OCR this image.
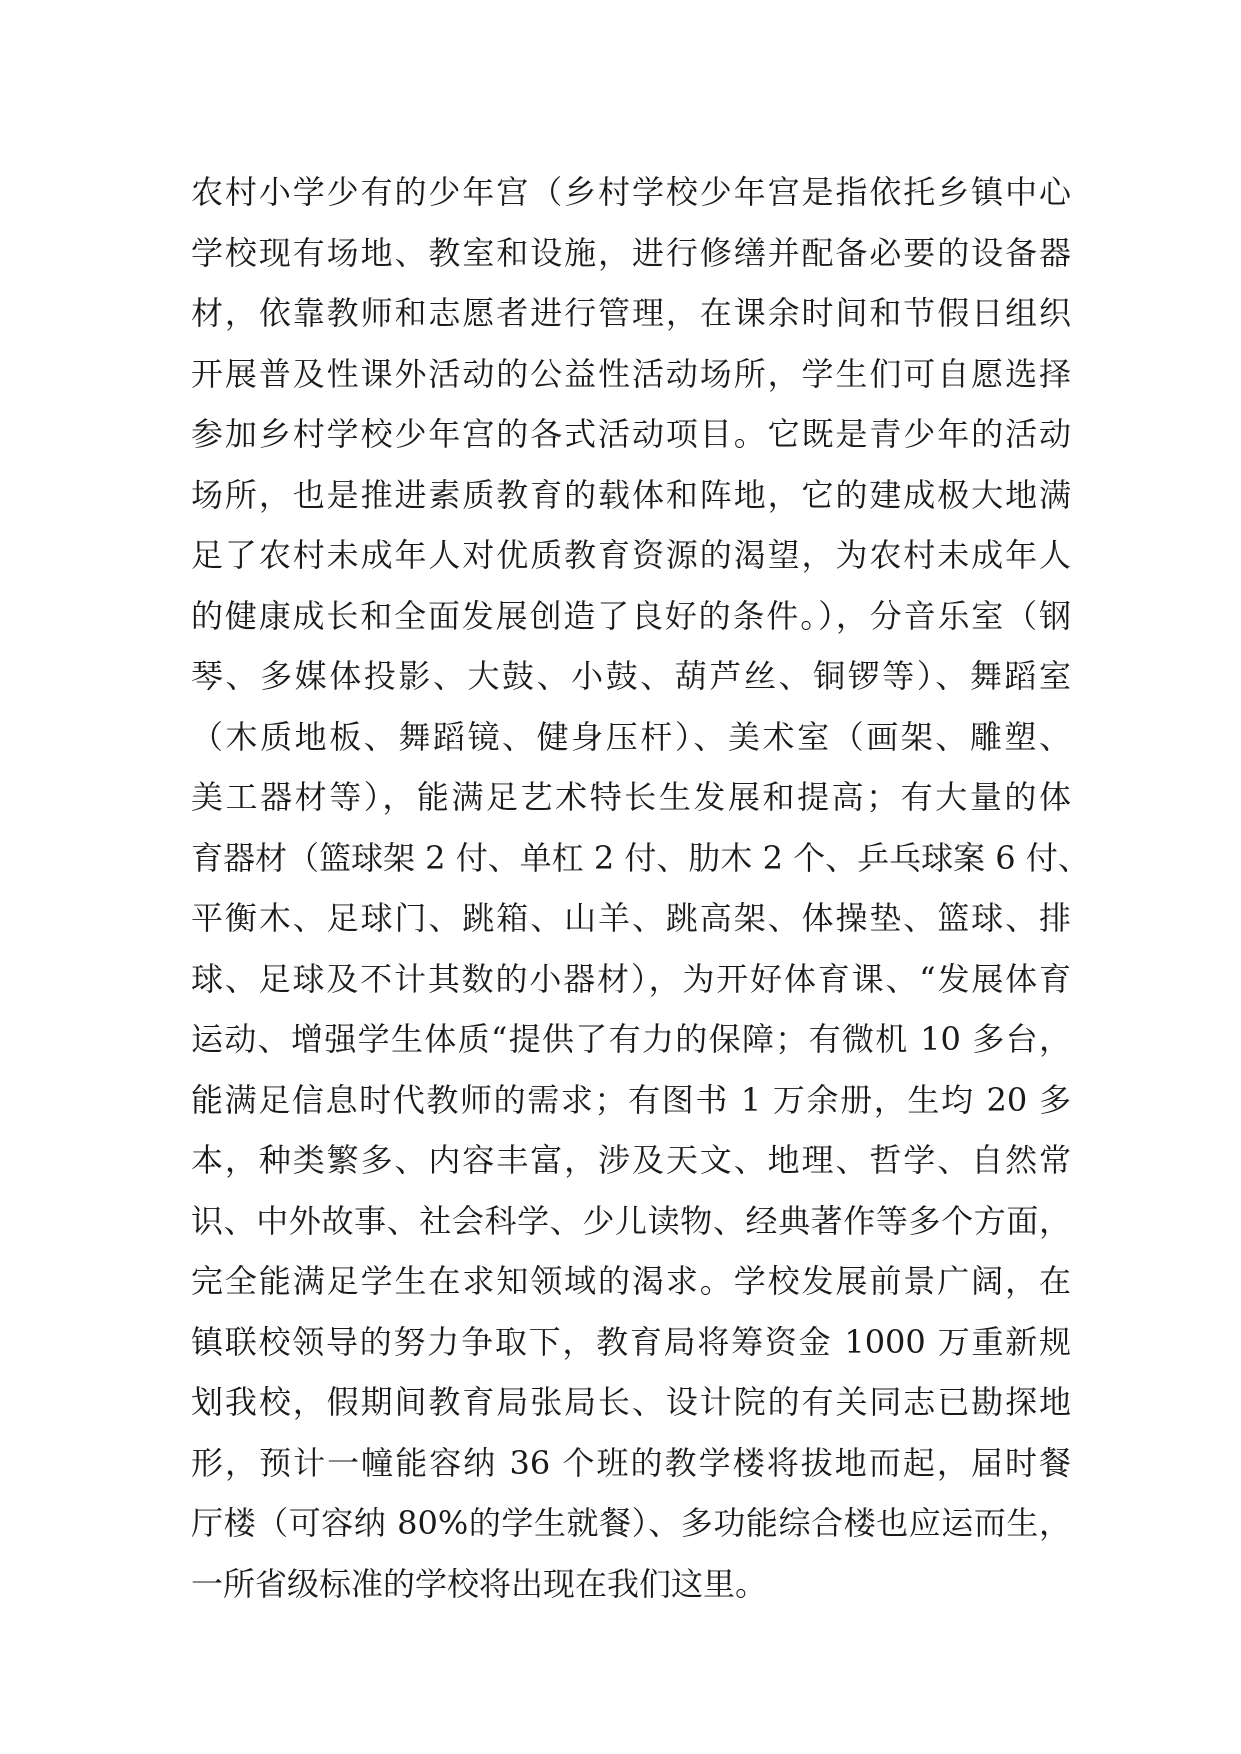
农村小学少有的少年宫（乡村学校少年宫是指依托乡镇中心
学校现有场地、教室和设施，进行修缮并配备必要的设备器
材，依靠教师和志愿者进行管理，在课余时间和节假日组织
开展普及性课外活动的公益性活动场所，学生们可自愿选择
参加乡村学校少年宫的各式活动项目。它既是青少年的活动
场所，也是推进素质教育的载体和阵地，它的建成极大地满
足了农村未成年人对优质教育资源的渴望，为农村未成年人
的健康成长和全面发展创造了良好的条件。），分音乐室（钢
琴、多媒体投影、大鼓、小鼓、葫芦丝、铜锣等）、舞蹈室
（木质地板、舞蹈镜、健身压杆）、美术室（画架、雕塑、
美工器材等），能满足艺术特长生发展和提高；有大量的体
育器材（篮球架 2 付、单杠 2 付、肋木 2 个、乒乓球案 6 付、
平衡木、足球门、跳箱、山羊、跳高架、体操垫、篮球、排
球、足球及不计其数的小器材），为开好体育课、“发展体育
运动、增强学生体质“提供了有力的保障；有微机 10 多台，
能满足信息时代教师的需求；有图书 1 万余册，生均 20 多
本，种类繁多、内容丰富，涉及天文、地理、哲学、自然常
识、中外故事、社会科学、少儿读物、经典著作等多个方面，
完全能满足学生在求知领域的渴求。学校发展前景广阔，在
镇联校领导的努力争取下，教育局将筹资金 1000 万重新规
划我校，假期间教育局张局长、设计院的有关同志已勘探地
形，预计一幢能容纳 36 个班的教学楼将拔地而起，届时餐
厅楼（可容纳 80%的学生就餐）、多功能综合楼也应运而生，
一所省级标准的学校将出现在我们这里。
